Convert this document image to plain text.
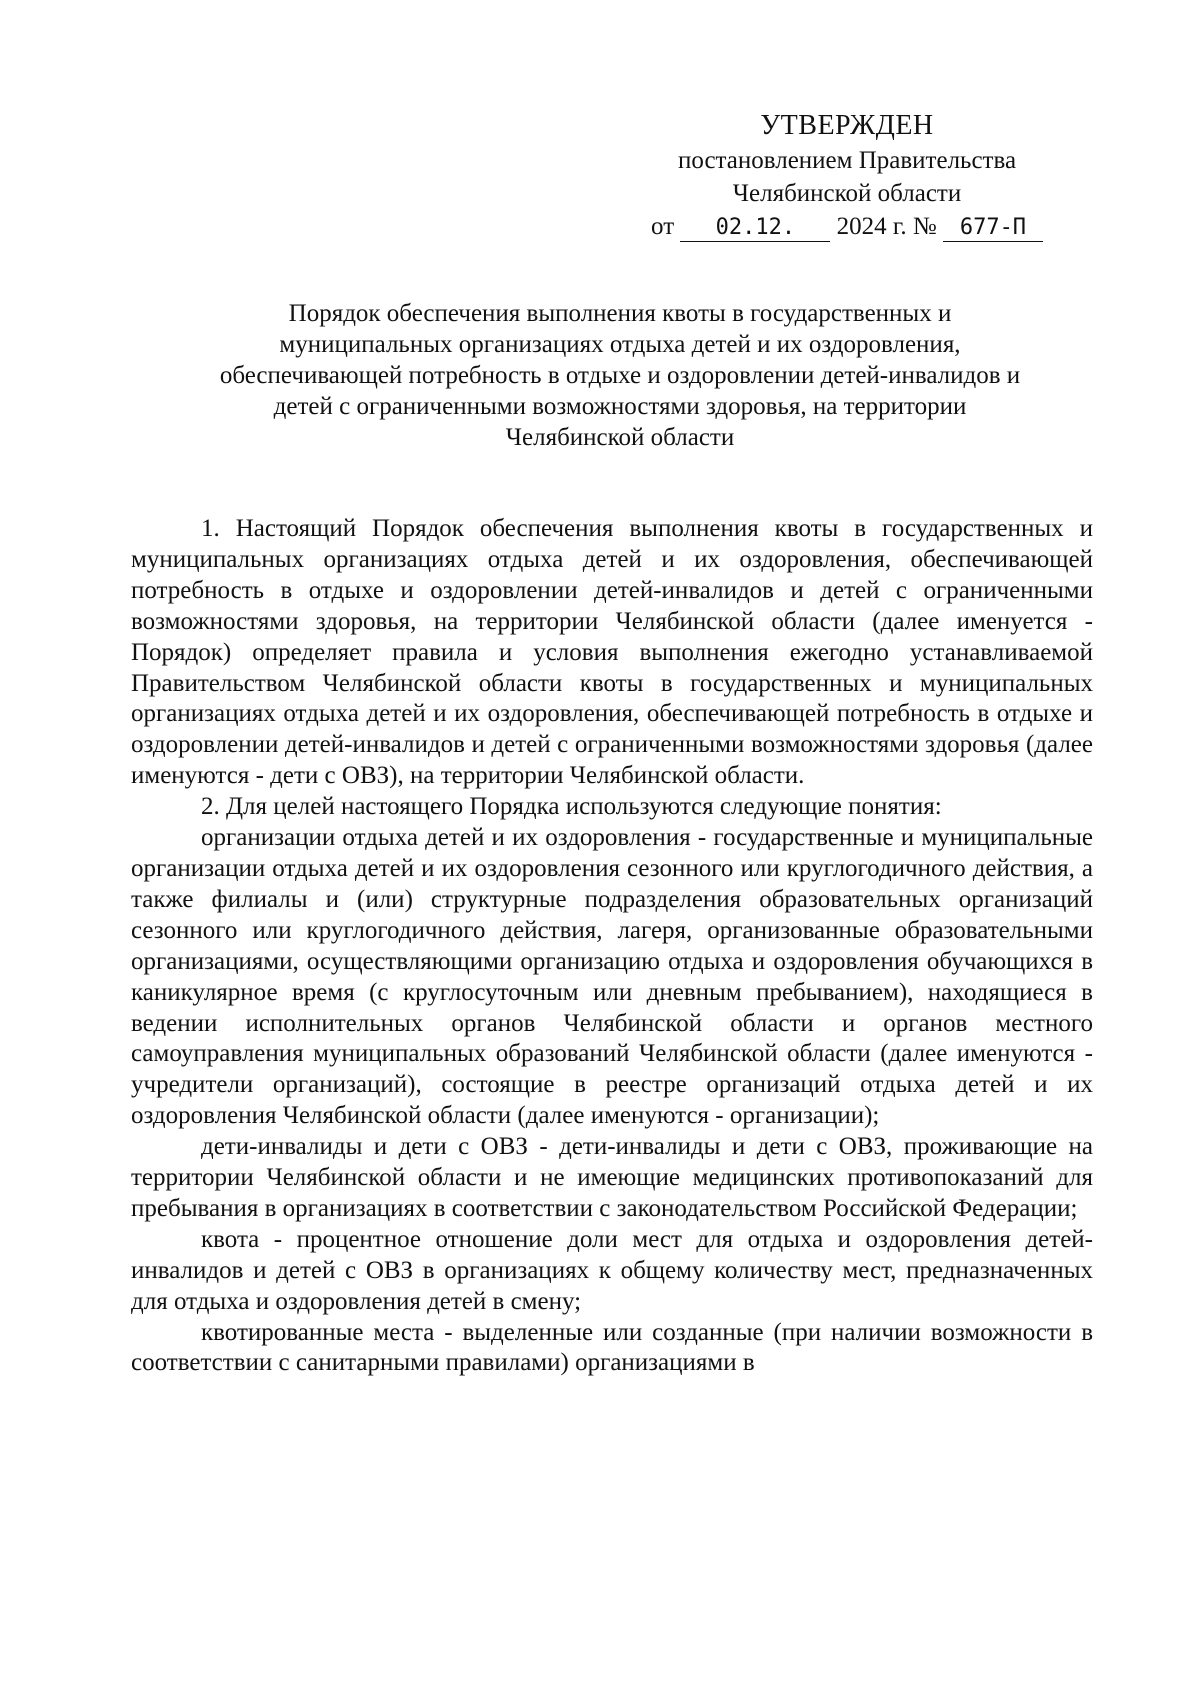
УТВЕРЖДЕН
постановлением Правительства
Челябинской области
от 02.12. 2024 г. № 677-П
Порядок обеспечения выполнения квоты в государственных и
муниципальных организациях отдыха детей и их оздоровления,
обеспечивающей потребность в отдыхе и оздоровлении детей-инвалидов и
детей с ограниченными возможностями здоровья, на территории
Челябинской области

1. Настоящий Порядок обеспечения выполнения квоты в государственных и муниципальных организациях отдыха детей и их оздоровления, обеспечивающей потребность в отдыхе и оздоровлении детей-инвалидов и детей с ограниченными возможностями здоровья, на территории Челябинской области (далее именуется - Порядок) определяет правила и условия выполнения ежегодно устанавливаемой Правительством Челябинской области квоты в государственных и муниципальных организациях отдыха детей и их оздоровления, обеспечивающей потребность в отдыхе и оздоровлении детей-инвалидов и детей с ограниченными возможностями здоровья (далее именуются - дети с ОВЗ), на территории Челябинской области.

2. Для целей настоящего Порядка используются следующие понятия:

организации отдыха детей и их оздоровления - государственные и муниципальные организации отдыха детей и их оздоровления сезонного или круглогодичного действия, а также филиалы и (или) структурные подразделения образовательных организаций сезонного или круглогодичного действия, лагеря, организованные образовательными организациями, осуществляющими организацию отдыха и оздоровления обучающихся в каникулярное время (с круглосуточным или дневным пребыванием), находящиеся в ведении исполнительных органов Челябинской области и органов местного самоуправления муниципальных образований Челябинской области (далее именуются - учредители организаций), состоящие в реестре организаций отдыха детей и их оздоровления Челябинской области (далее именуются - организации);

дети-инвалиды и дети с ОВЗ - дети-инвалиды и дети с ОВЗ, проживающие на территории Челябинской области и не имеющие медицинских противопоказаний для пребывания в организациях в соответствии с законодательством Российской Федерации;

квота - процентное отношение доли мест для отдыха и оздоровления детей-инвалидов и детей с ОВЗ в организациях к общему количеству мест, предназначенных для отдыха и оздоровления детей в смену;

квотированные места - выделенные или созданные (при наличии возможности в соответствии с санитарными правилами) организациями в
